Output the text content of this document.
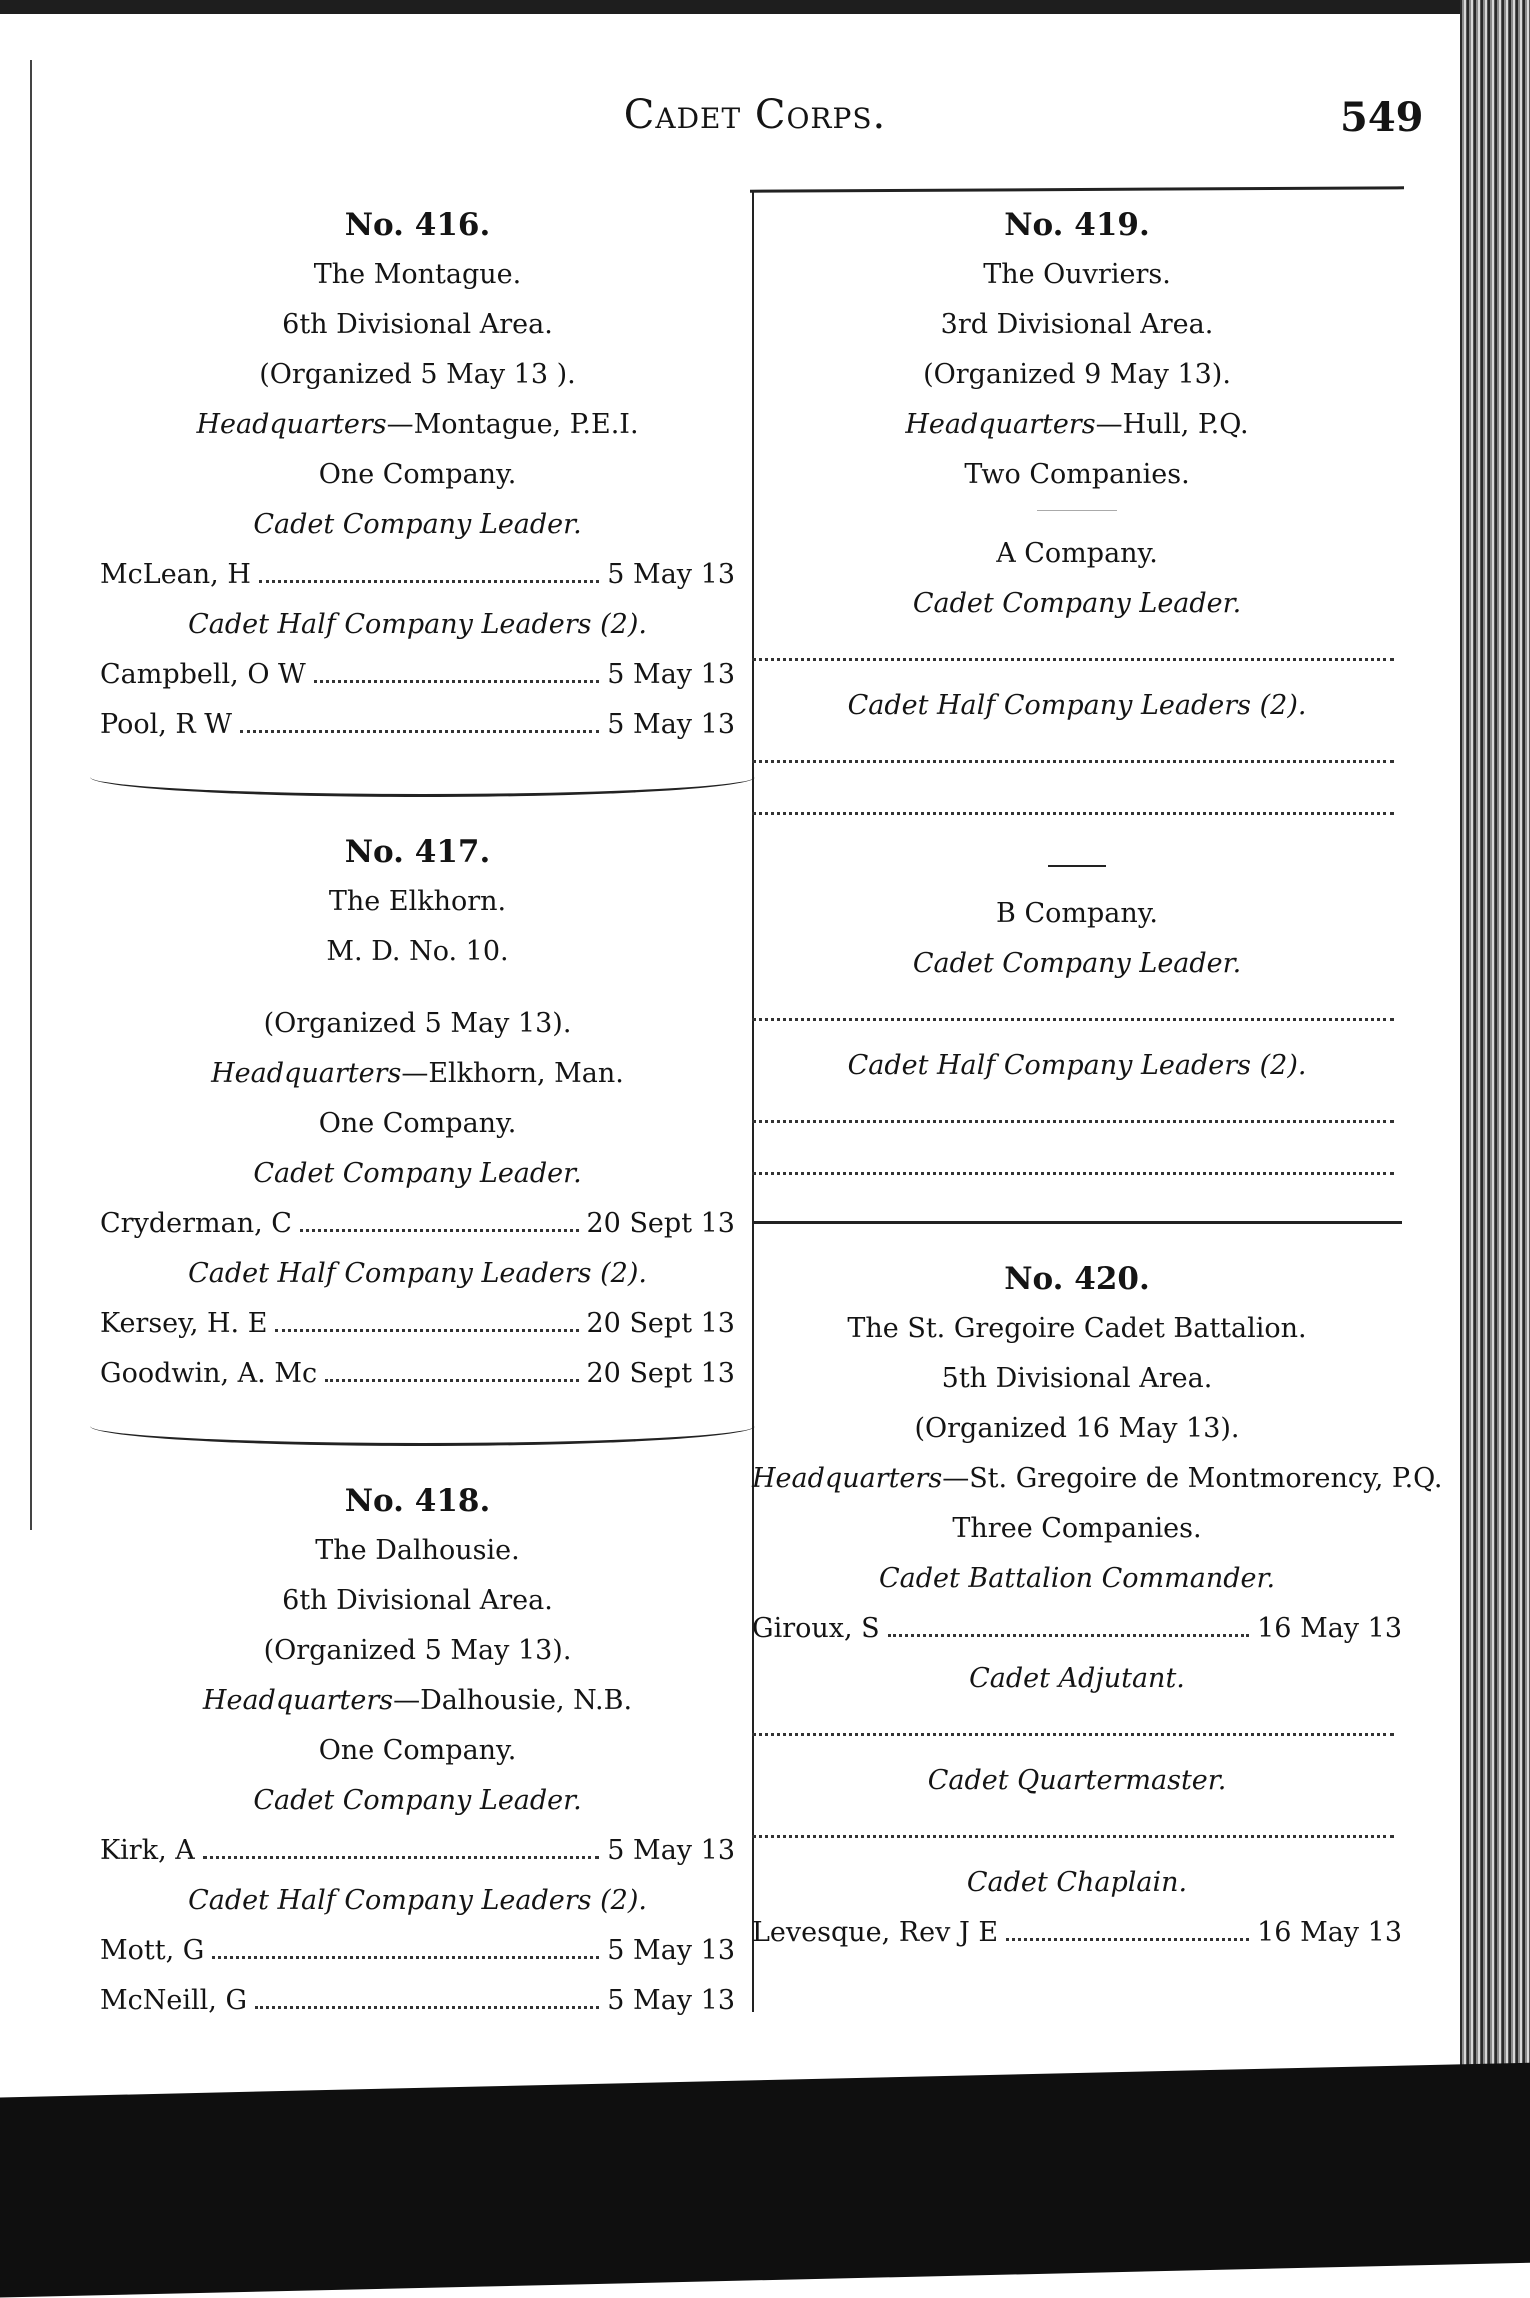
Cadet Corps.	549
No. 416.
The Montague.
6th Divisional Area.
(Organized 5 May 13 ).
Headquarters—Montague, P.E.I.
One Company.
Cadet Company Leader.
McLean, H	5 May 13
Cadet Half Company Leaders (2).
Campbell, O W	5 May 13
Pool, R W	5 May 13
No. 417.
The Elkhorn.
M. D. No. 10.
(Organized 5 May 13).
Headquarters—Elkhorn, Man.
One Company.
Cadet Company Leader.
Cryderman, C	20 Sept 13
Cadet Half Company Leaders (2).
Kersey, H. E	20 Sept 13
Goodwin, A. Mc	20 Sept 13
No. 418.
The Dalhousie.
6th Divisional Area.
(Organized 5 May 13).
Headquarters—Dalhousie, N.B.
One Company.
Cadet Company Leader.
Kirk, A	5 May 13
Cadet Half Company Leaders (2).
Mott, G	5 May 13
McNeill, G	5 May 13
No. 419.
The Ouvriers.
3rd Divisional Area.
(Organized 9 May 13).
Headquarters—Hull, P.Q.
Two Companies.
A Company.
Cadet Company Leader.
Cadet Half Company Leaders (2).
B Company.
Cadet Company Leader.
Cadet Half Company Leaders (2).
No. 420.
The St. Gregoire Cadet Battalion.
5th Divisional Area.
(Organized 16 May 13).
Headquarters—St. Gregoire de Montmorency, P.Q.
Three Companies.
Cadet Battalion Commander.
Giroux, S	16 May 13
Cadet Adjutant.
Cadet Quartermaster.
Cadet Chaplain.
Levesque, Rev J E	16 May 13
